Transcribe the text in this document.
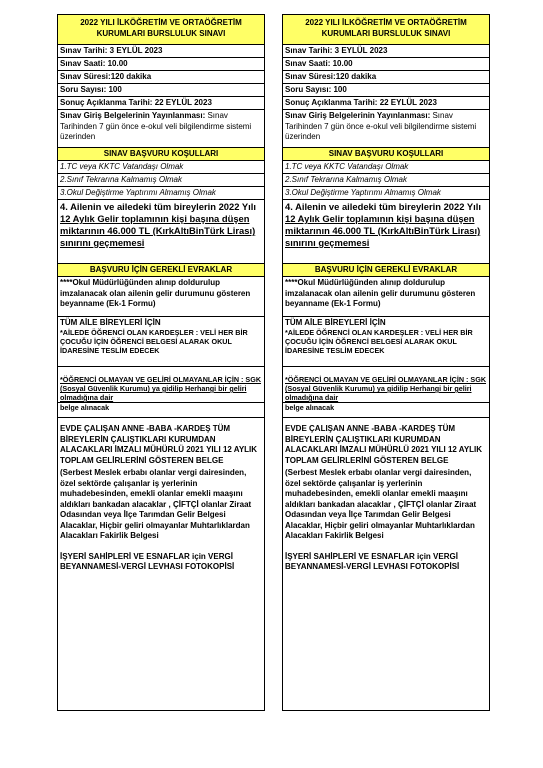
2022 YILI İLKÖĞRETİM VE ORTAÖĞRETİM
KURUMLARI BURSLULUK SINAVI
Sınav Tarihi: 3 EYLÜL 2023
Sınav Saati: 10.00
Sınav Süresi:120 dakika
Soru Sayısı: 100
Sonuç Açıklanma Tarihi: 22 EYLÜL 2023
Sınav Giriş Belgelerinin Yayınlanması: Sınav Tarihinden 7 gün önce e-okul veli bilgilendirme sistemi üzerinden
SINAV BAŞVURU KOŞULLARI
1.TC veya KKTC Vatandaşı Olmak
2.Sınıf Tekrarına Kalmamış Olmak
3.Okul Değiştirme Yaptırımı Almamış Olmak
4. Ailenin ve ailedeki tüm bireylerin 2022 Yılı 12 Aylık Gelir toplamının kişi başına düşen miktarının 46.000 TL (KırkAltıBinTürk Lirası) sınırını geçmemesi
BAŞVURU İÇİN GEREKLİ EVRAKLAR
****Okul Müdürlüğünden alınıp doldurulup imzalanacak olan ailenin gelir durumunu gösteren beyanname (Ek-1 Formu)
TÜM AİLE BİREYLERİ İÇİN
*AİLEDE ÖĞRENCİ OLAN KARDEŞLER : VELİ HER BİR ÇOCUĞU İÇİN ÖĞRENCİ BELGESİ ALARAK OKUL İDARESİNE TESLİM EDECEK
*ÖĞRENCİ OLMAYAN VE GELİRİ OLMAYANLAR İÇİN : SGK (Sosyal Güvenlik Kurumu) ya gidilip Herhangi bir geliri olmadığına dair
belge alınacak

EVDE ÇALIŞAN ANNE -BABA -KARDEŞ TÜM BİREYLERİN ÇALIŞTIKLARI KURUMDAN ALACAKLARI İMZALI MÜHÜRLÜ 2021 YILI 12 AYLIK TOPLAM GELİRLERİNİ GÖSTEREN BELGE

(Serbest Meslek erbabı olanlar vergi dairesinden, özel sektörde çalışanlar iş yerlerinin muhadebesinden, emekli olanlar emekli maaşını aldıkları bankadan alacaklar , ÇİFTÇİ olanlar Ziraat Odasından veya İlçe Tarımdan Gelir Belgesi Alacaklar, Hiçbir geliri olmayanlar Muhtarlıklardan Alacakları Fakirlik Belgesi

İŞYERİ SAHİPLERİ VE ESNAFLAR için VERGİ BEYANNAMESİ-VERGİ LEVHASI FOTOKOPİSİ

2022 YILI İLKÖĞRETİM VE ORTAÖĞRETİM
KURUMLARI BURSLULUK SINAVI
Sınav Tarihi: 3 EYLÜL 2023
Sınav Saati: 10.00
Sınav Süresi:120 dakika
Soru Sayısı: 100
Sonuç Açıklanma Tarihi: 22 EYLÜL 2023
Sınav Giriş Belgelerinin Yayınlanması: Sınav Tarihinden 7 gün önce e-okul veli bilgilendirme sistemi üzerinden
SINAV BAŞVURU KOŞULLARI
1.TC veya KKTC Vatandaşı Olmak
2.Sınıf Tekrarına Kalmamış Olmak
3.Okul Değiştirme Yaptırımı Almamış Olmak
4. Ailenin ve ailedeki tüm bireylerin 2022 Yılı 12 Aylık Gelir toplamının kişi başına düşen miktarının 46.000 TL (KırkAltıBinTürk Lirası) sınırını geçmemesi
BAŞVURU İÇİN GEREKLİ EVRAKLAR
****Okul Müdürlüğünden alınıp doldurulup imzalanacak olan ailenin gelir durumunu gösteren beyanname (Ek-1 Formu)
TÜM AİLE BİREYLERİ İÇİN
*AİLEDE ÖĞRENCİ OLAN KARDEŞLER : VELİ HER BİR ÇOCUĞU İÇİN ÖĞRENCİ BELGESİ ALARAK OKUL İDARESİNE TESLİM EDECEK
*ÖĞRENCİ OLMAYAN VE GELİRİ OLMAYANLAR İÇİN : SGK (Sosyal Güvenlik Kurumu) ya gidilip Herhangi bir geliri olmadığına dair
belge alınacak

EVDE ÇALIŞAN ANNE -BABA -KARDEŞ TÜM BİREYLERİN ÇALIŞTIKLARI KURUMDAN ALACAKLARI İMZALI MÜHÜRLÜ 2021 YILI 12 AYLIK TOPLAM GELİRLERİNİ GÖSTEREN BELGE

(Serbest Meslek erbabı olanlar vergi dairesinden, özel sektörde çalışanlar iş yerlerinin muhadebesinden, emekli olanlar emekli maaşını aldıkları bankadan alacaklar , ÇİFTÇİ olanlar Ziraat Odasından veya İlçe Tarımdan Gelir Belgesi Alacaklar, Hiçbir geliri olmayanlar Muhtarlıklardan Alacakları Fakirlik Belgesi

İŞYERİ SAHİPLERİ VE ESNAFLAR için VERGİ BEYANNAMESİ-VERGİ LEVHASI FOTOKOPİSİ
